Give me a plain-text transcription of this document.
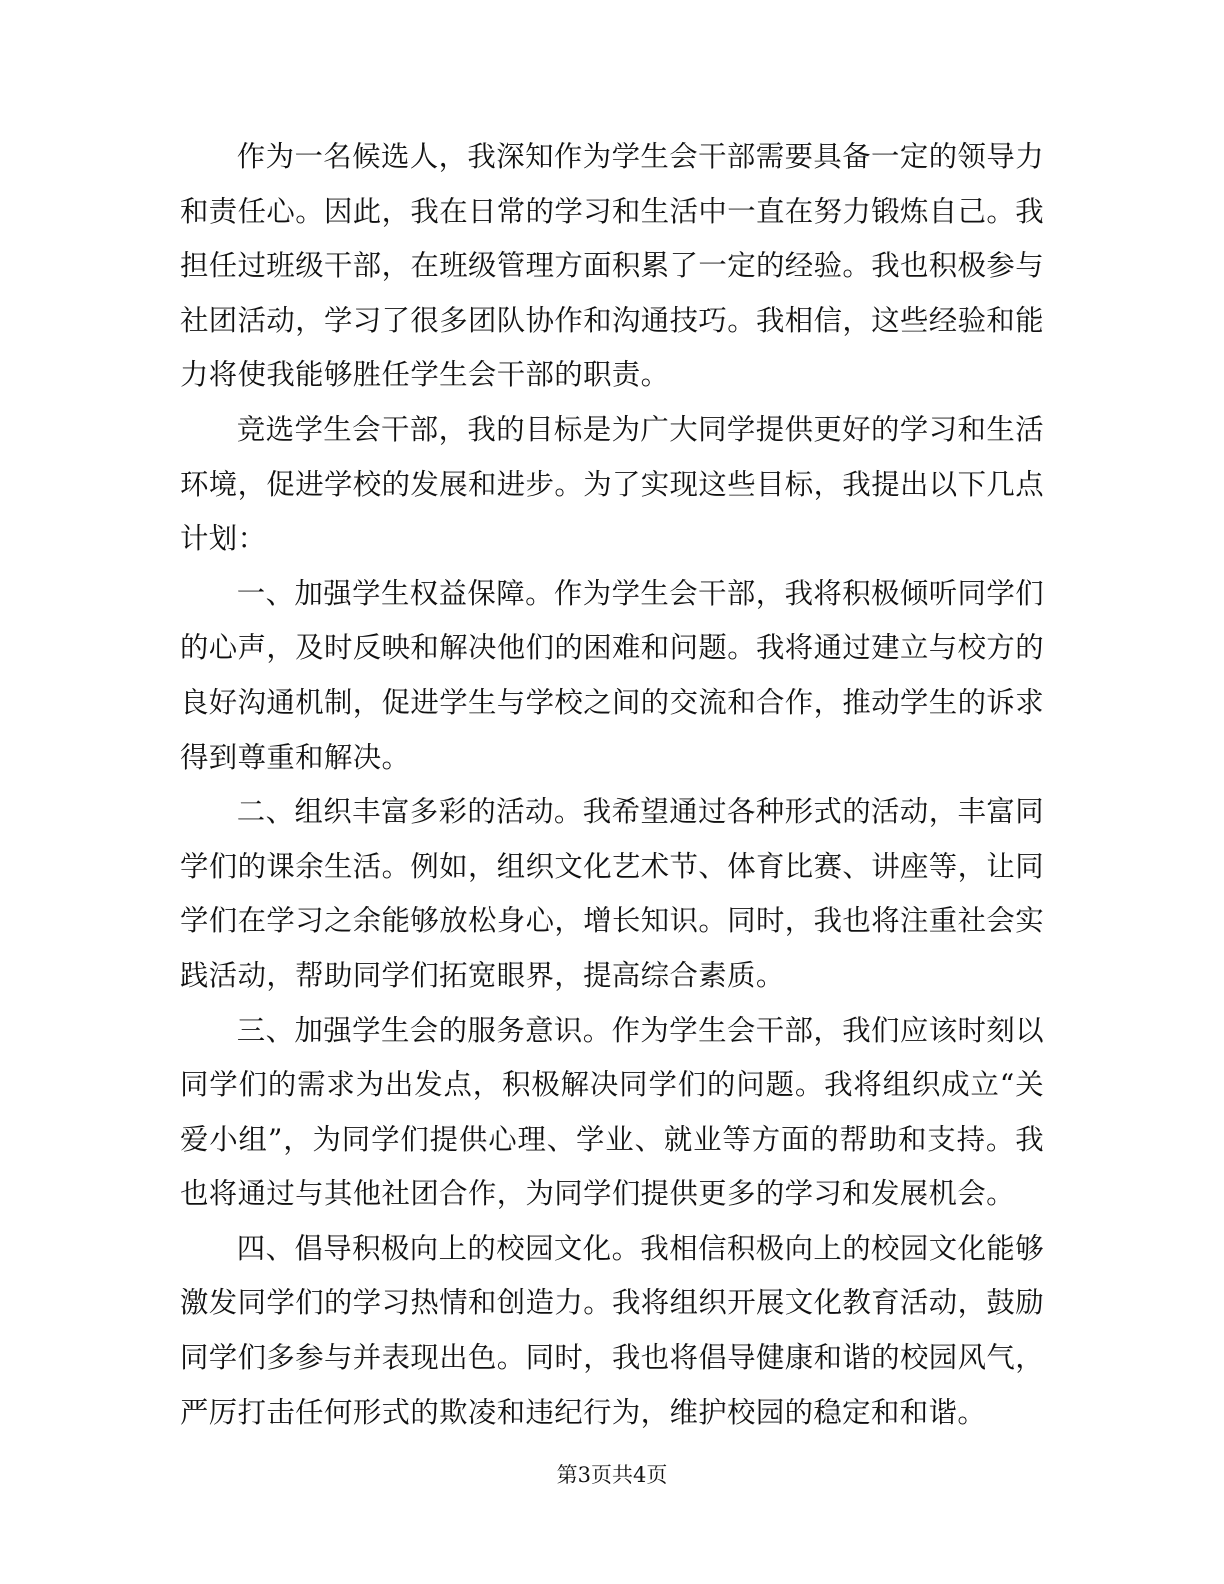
作为一名候选人，我深知作为学生会干部需要具备一定的领导力和责任心。因此，我在日常的学习和生活中一直在努力锻炼自己。我担任过班级干部，在班级管理方面积累了一定的经验。我也积极参与社团活动，学习了很多团队协作和沟通技巧。我相信，这些经验和能力将使我能够胜任学生会干部的职责。

竞选学生会干部，我的目标是为广大同学提供更好的学习和生活环境，促进学校的发展和进步。为了实现这些目标，我提出以下几点计划：

一、加强学生权益保障。作为学生会干部，我将积极倾听同学们的心声，及时反映和解决他们的困难和问题。我将通过建立与校方的良好沟通机制，促进学生与学校之间的交流和合作，推动学生的诉求得到尊重和解决。

二、组织丰富多彩的活动。我希望通过各种形式的活动，丰富同学们的课余生活。例如，组织文化艺术节、体育比赛、讲座等，让同学们在学习之余能够放松身心，增长知识。同时，我也将注重社会实践活动，帮助同学们拓宽眼界，提高综合素质。

三、加强学生会的服务意识。作为学生会干部，我们应该时刻以同学们的需求为出发点，积极解决同学们的问题。我将组织成立“关爱小组”，为同学们提供心理、学业、就业等方面的帮助和支持。我也将通过与其他社团合作，为同学们提供更多的学习和发展机会。

四、倡导积极向上的校园文化。我相信积极向上的校园文化能够激发同学们的学习热情和创造力。我将组织开展文化教育活动，鼓励同学们多参与并表现出色。同时，我也将倡导健康和谐的校园风气，严厉打击任何形式的欺凌和违纪行为，维护校园的稳定和和谐。

第3页共4页
